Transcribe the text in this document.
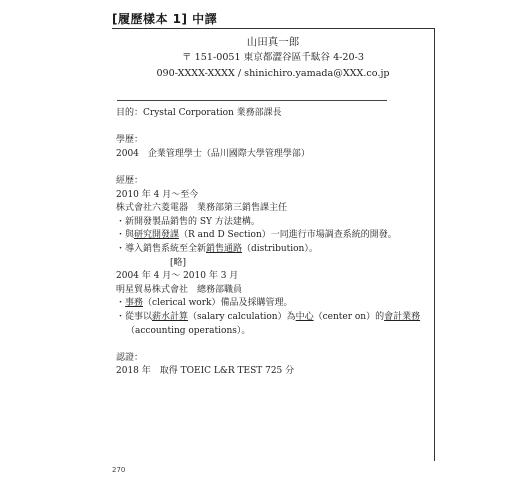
[履歷樣本 1] 中譯
山田真一郎
〒 151-0051 東京都澀谷區千駄谷 4-20-3
090-XXXX-XXXX / shinichiro.yamada@XXX.co.jp
目的：Crystal Corporation 業務部課長
學歷：
2004　企業管理學士（品川國際大學管理學部）
經歷：
2010 年 4 月～至今
株式會社六菱電器　業務部第三銷售課主任
・新開發製品銷售的 SY 方法建構。
・與研究開發課（R and D Section）一同進行市場調查系統的開發。
・導入銷售系統至全新銷售通路（distribution）。
[略]
2004 年 4 月～ 2010 年 3 月
明星貿易株式會社　總務部職員
・事務（clerical work）備品及採購管理。
・從事以薪水計算（salary calculation）為中心（center on）的會計業務（accounting operations）。
認證：
2018 年　取得 TOEIC L&R TEST 725 分
270
